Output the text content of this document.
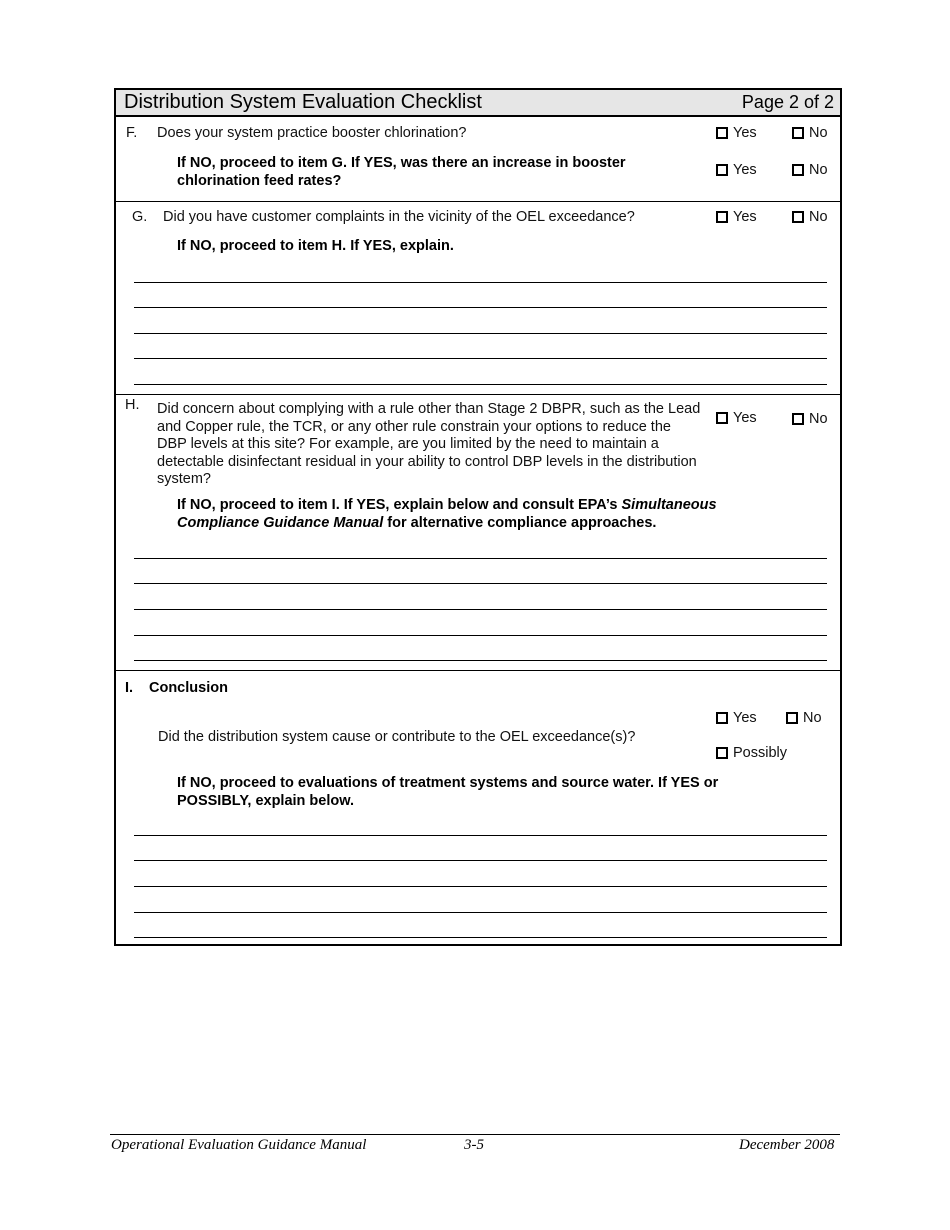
Distribution System Evaluation Checklist	Page 2 of 2
F. Does your system practice booster chlorination?	Yes	No
If NO, proceed to item G. If YES, was there an increase in booster chlorination feed rates?
Yes	No
G. Did you have customer complaints in the vicinity of the OEL exceedance?	Yes	No
If NO, proceed to item H. If YES, explain.
H. Did concern about complying with a rule other than Stage 2 DBPR, such as the Lead and Copper rule, the TCR, or any other rule constrain your options to reduce the DBP levels at this site? For example, are you limited by the need to maintain a detectable disinfectant residual in your ability to control DBP levels in the distribution system?
Yes	No
If NO, proceed to item I. If YES, explain below and consult EPA’s Simultaneous Compliance Guidance Manual for alternative compliance approaches.
I. Conclusion
Yes	No
Did the distribution system cause or contribute to the OEL exceedance(s)?
Possibly
If NO, proceed to evaluations of treatment systems and source water. If YES or POSSIBLY, explain below.
Operational Evaluation Guidance Manual	3-5	December 2008
